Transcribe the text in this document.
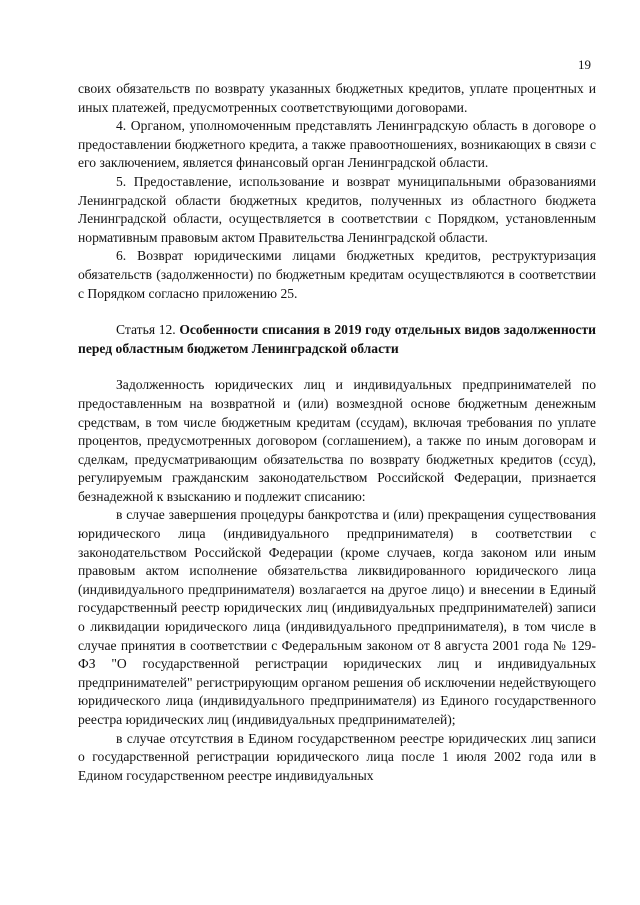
19

своих обязательств по возврату указанных бюджетных кредитов, уплате процентных и иных платежей, предусмотренных соответствующими договорами.

4. Органом, уполномоченным представлять Ленинградскую область в договоре о предоставлении бюджетного кредита, а также правоотношениях, возникающих в связи с его заключением, является финансовый орган Ленинградской области.

5. Предоставление, использование и возврат муниципальными образованиями Ленинградской области бюджетных кредитов, полученных из областного бюджета Ленинградской области, осуществляется в соответствии с Порядком, установленным нормативным правовым актом Правительства Ленинградской области.

6. Возврат юридическими лицами бюджетных кредитов, реструктуризация обязательств (задолженности) по бюджетным кредитам осуществляются в соответствии с Порядком согласно приложению 25.

Статья 12. Особенности списания в 2019 году отдельных видов задолженности перед областным бюджетом Ленинградской области

Задолженность юридических лиц и индивидуальных предпринимателей по предоставленным на возвратной и (или) возмездной основе бюджетным денежным средствам, в том числе бюджетным кредитам (ссудам), включая требования по уплате процентов, предусмотренных договором (соглашением), а также по иным договорам и сделкам, предусматривающим обязательства по возврату бюджетных кредитов (ссуд), регулируемым гражданским законодательством Российской Федерации, признается безнадежной к взысканию и подлежит списанию:

в случае завершения процедуры банкротства и (или) прекращения существования юридического лица (индивидуального предпринимателя) в соответствии с законодательством Российской Федерации (кроме случаев, когда законом или иным правовым актом исполнение обязательства ликвидированного юридического лица (индивидуального предпринимателя) возлагается на другое лицо) и внесении в Единый государственный реестр юридических лиц (индивидуальных предпринимателей) записи о ликвидации юридического лица (индивидуального предпринимателя), в том числе в случае принятия в соответствии с Федеральным законом от 8 августа 2001 года № 129-ФЗ "О государственной регистрации юридических лиц и индивидуальных предпринимателей" регистрирующим органом решения об исключении недействующего юридического лица (индивидуального предпринимателя) из Единого государственного реестра юридических лиц (индивидуальных предпринимателей);

в случае отсутствия в Едином государственном реестре юридических лиц записи о государственной регистрации юридического лица после 1 июля 2002 года или в Едином государственном реестре индивидуальных
